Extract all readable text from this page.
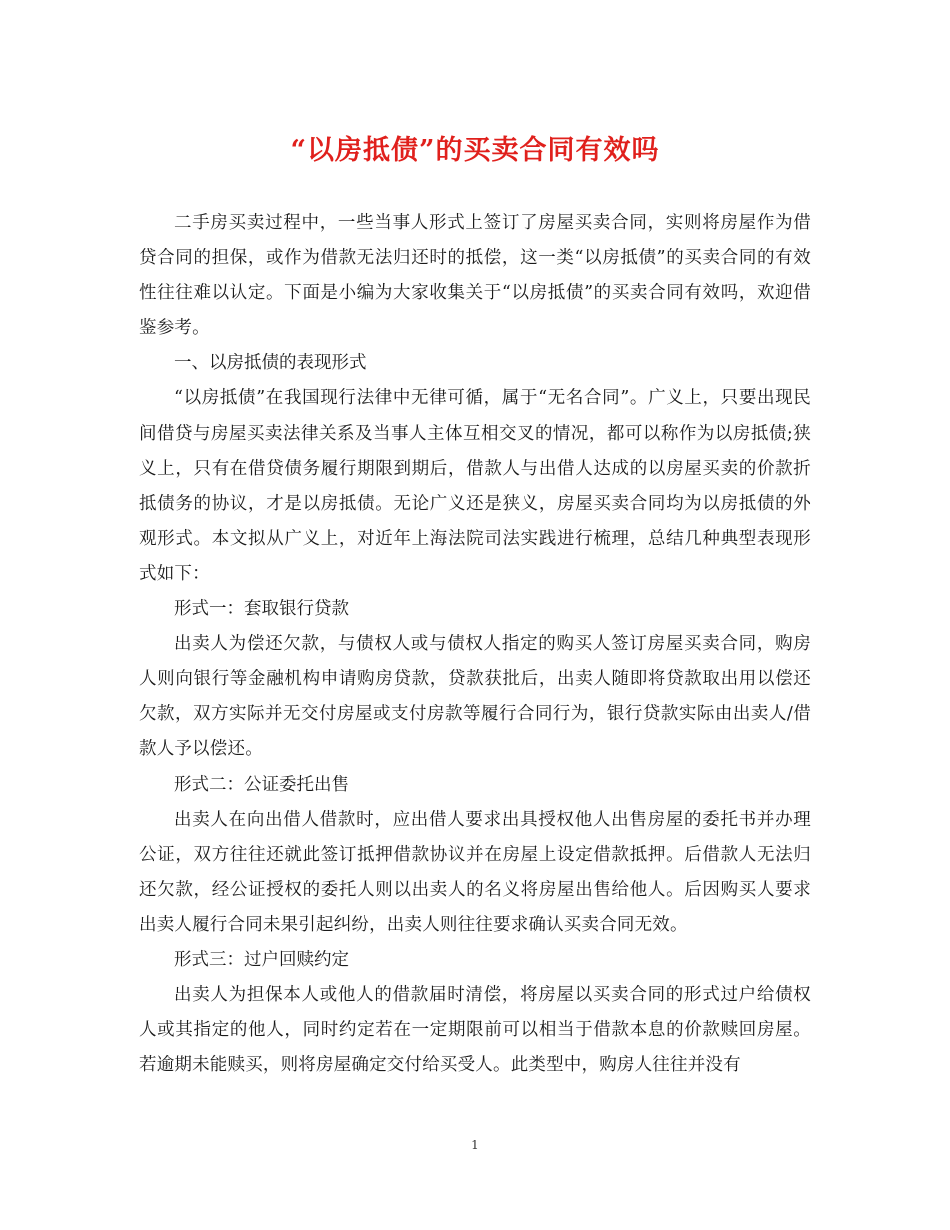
“以房抵债”的买卖合同有效吗

二手房买卖过程中，一些当事人形式上签订了房屋买卖合同，实则将房屋作为借贷合同的担保，或作为借款无法归还时的抵偿，这一类“以房抵债”的买卖合同的有效性往往难以认定。下面是小编为大家收集关于“以房抵债”的买卖合同有效吗，欢迎借鉴参考。

一、以房抵债的表现形式

“以房抵债”在我国现行法律中无律可循，属于“无名合同”。广义上，只要出现民间借贷与房屋买卖法律关系及当事人主体互相交叉的情况，都可以称作为以房抵债;狭义上，只有在借贷债务履行期限到期后，借款人与出借人达成的以房屋买卖的价款折抵债务的协议，才是以房抵债。无论广义还是狭义，房屋买卖合同均为以房抵债的外观形式。本文拟从广义上，对近年上海法院司法实践进行梳理，总结几种典型表现形式如下：

形式一：套取银行贷款

出卖人为偿还欠款，与债权人或与债权人指定的购买人签订房屋买卖合同，购房人则向银行等金融机构申请购房贷款，贷款获批后，出卖人随即将贷款取出用以偿还欠款，双方实际并无交付房屋或支付房款等履行合同行为，银行贷款实际由出卖人/借款人予以偿还。

形式二：公证委托出售

出卖人在向出借人借款时，应出借人要求出具授权他人出售房屋的委托书并办理公证，双方往往还就此签订抵押借款协议并在房屋上设定借款抵押。后借款人无法归还欠款，经公证授权的委托人则以出卖人的名义将房屋出售给他人。后因购买人要求出卖人履行合同未果引起纠纷，出卖人则往往要求确认买卖合同无效。

形式三：过户回赎约定

出卖人为担保本人或他人的借款届时清偿，将房屋以买卖合同的形式过户给债权人或其指定的他人，同时约定若在一定期限前可以相当于借款本息的价款赎回房屋。若逾期未能赎买，则将房屋确定交付给买受人。此类型中，购房人往往并没有

1
